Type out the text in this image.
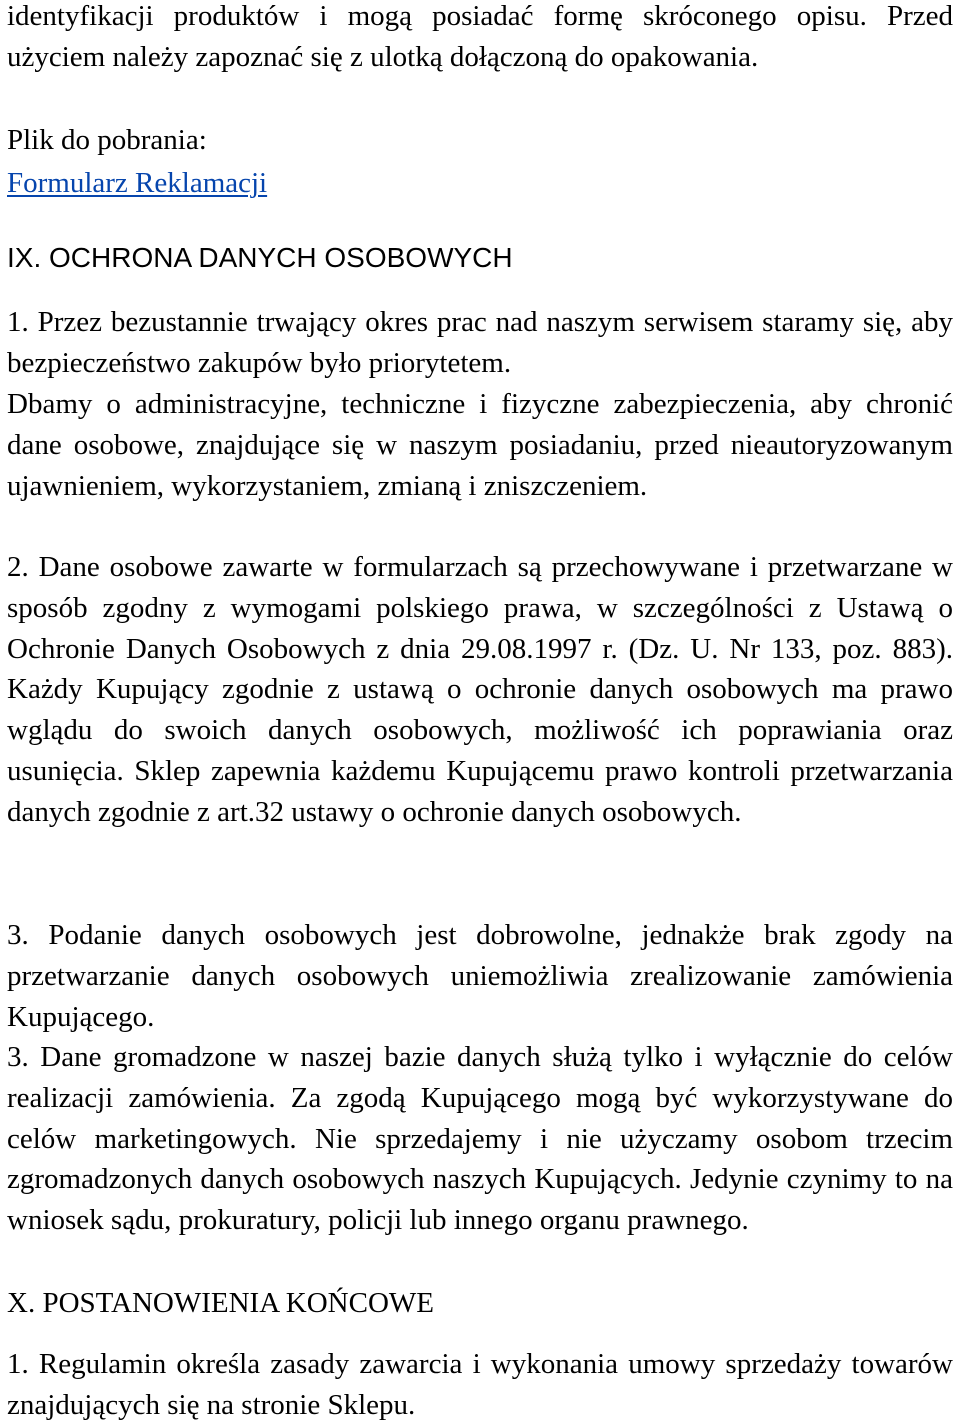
identyfikacji produktów i mogą posiadać formę skróconego opisu. Przed użyciem należy zapoznać się z ulotką dołączoną do opakowania.

Plik do pobrania:

Formularz Reklamacji

IX. OCHRONA DANYCH OSOBOWYCH

1. Przez bezustannie trwający okres prac nad naszym serwisem staramy się, aby bezpieczeństwo zakupów było priorytetem.

Dbamy o administracyjne, techniczne i fizyczne zabezpieczenia, aby chronić dane osobowe, znajdujące się w naszym posiadaniu, przed nieautoryzowanym ujawnieniem, wykorzystaniem, zmianą i zniszczeniem.

2. Dane osobowe zawarte w formularzach są przechowywane i przetwarzane w sposób zgodny z wymogami polskiego prawa, w szczególności z Ustawą o Ochronie Danych Osobowych z dnia 29.08.1997 r. (Dz. U. Nr 133, poz. 883). Każdy Kupujący zgodnie z ustawą o ochronie danych osobowych ma prawo wglądu do swoich danych osobowych, możliwość ich poprawiania oraz usunięcia. Sklep zapewnia każdemu Kupującemu prawo kontroli przetwarzania danych zgodnie z art.32 ustawy o ochronie danych osobowych.

3. Podanie danych osobowych jest dobrowolne, jednakże brak zgody na przetwarzanie danych osobowych uniemożliwia zrealizowanie zamówienia Kupującego.

3. Dane gromadzone w naszej bazie danych służą tylko i wyłącznie do celów realizacji zamówienia. Za zgodą Kupującego mogą być wykorzystywane do celów marketingowych. Nie sprzedajemy i nie użyczamy osobom trzecim zgromadzonych danych osobowych naszych Kupujących. Jedynie czynimy to na wniosek sądu, prokuratury, policji lub innego organu prawnego.

X. POSTANOWIENIA KOŃCOWE

1. Regulamin określa zasady zawarcia i wykonania umowy sprzedaży towarów znajdujących się na stronie Sklepu.
